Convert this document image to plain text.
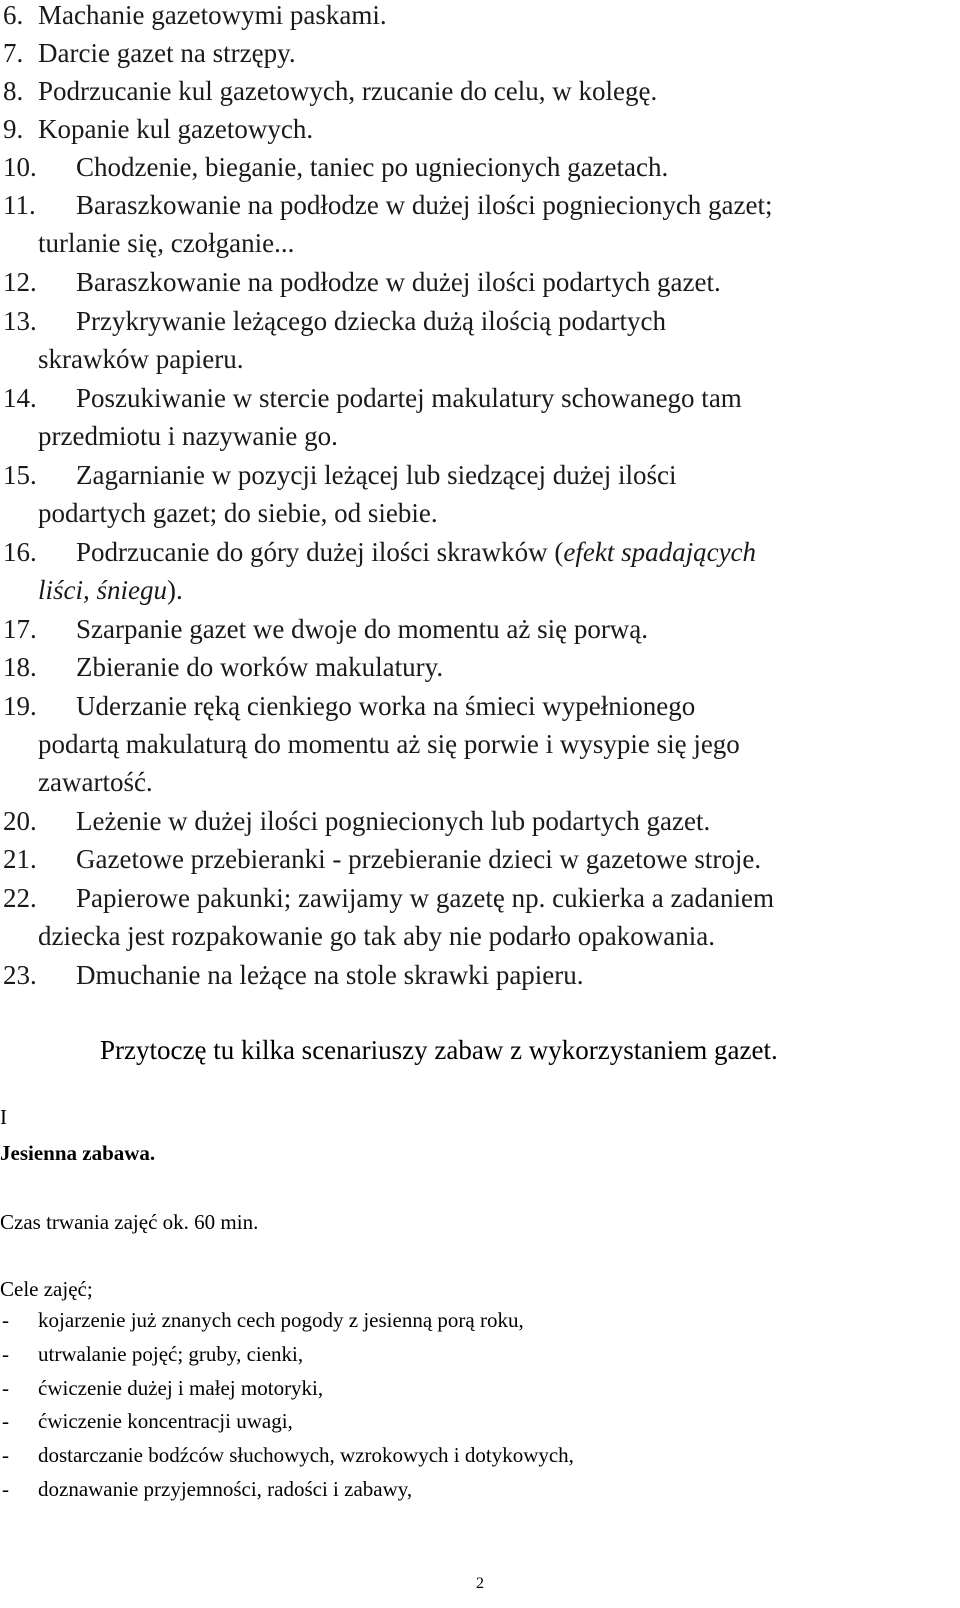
6. Machanie gazetowymi paskami.
7. Darcie gazet na strzępy.
8. Podrzucanie kul gazetowych, rzucanie do celu, w kolegę.
9. Kopanie kul gazetowych.
10. Chodzenie, bieganie, taniec po ugniecionych gazetach.
11. Baraszkowanie na podłodze w dużej ilości pogniecionych gazet;
turlanie się, czołganie...
12. Baraszkowanie na podłodze w dużej ilości podartych gazet.
13. Przykrywanie leżącego dziecka dużą ilością podartych
skrawków papieru.
14. Poszukiwanie w stercie podartej makulatury schowanego tam
przedmiotu i nazywanie go.
15. Zagarnianie w pozycji leżącej lub siedzącej dużej ilości
podartych gazet; do siebie, od siebie.
16. Podrzucanie do góry dużej ilości skrawków (efekt spadających
liści, śniegu).
17. Szarpanie gazet we dwoje do momentu aż się porwą.
18. Zbieranie do worków makulatury.
19. Uderzanie ręką cienkiego worka na śmieci wypełnionego
podartą makulaturą do momentu aż się porwie i wysypie się jego
zawartość.
20. Leżenie w dużej ilości pogniecionych lub podartych gazet.
21. Gazetowe przebieranki - przebieranie dzieci w gazetowe stroje.
22. Papierowe pakunki; zawijamy w gazetę np. cukierka a zadaniem
dziecka jest rozpakowanie go tak aby nie podarło opakowania.
23. Dmuchanie na leżące na stole skrawki papieru.
Przytoczę tu kilka scenariuszy zabaw z wykorzystaniem gazet.
I
Jesienna zabawa.
Czas trwania zajęć ok. 60 min.
Cele zajęć;
- kojarzenie już znanych cech pogody z jesienną porą roku,
- utrwalanie pojęć; gruby, cienki,
- ćwiczenie dużej i małej motoryki,
- ćwiczenie koncentracji uwagi,
- dostarczanie bodźców słuchowych, wzrokowych i dotykowych,
- doznawanie przyjemności, radości i zabawy,
2
